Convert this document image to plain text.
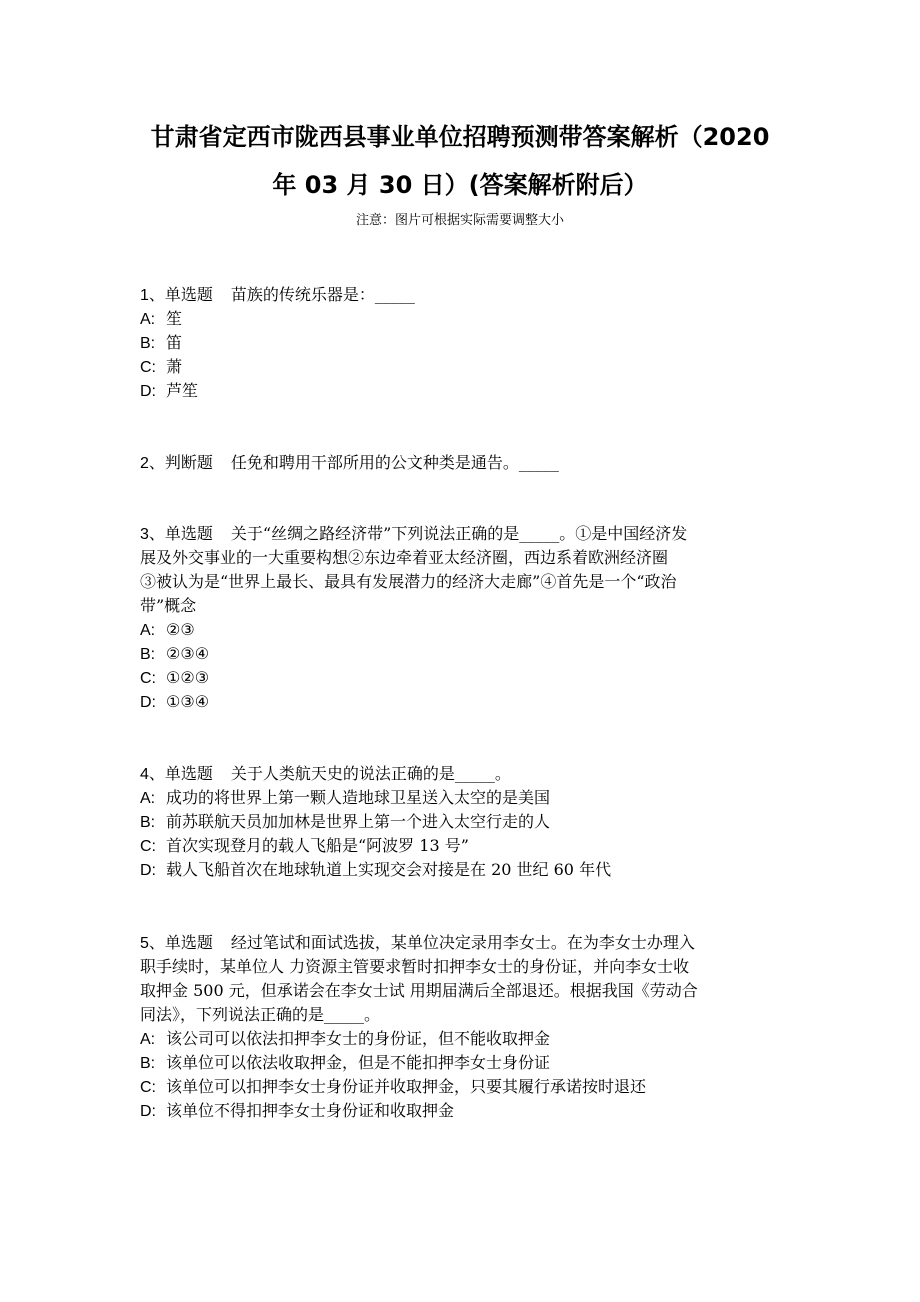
甘肃省定西市陇西县事业单位招聘预测带答案解析（2020
年 03 月 30 日）(答案解析附后）
注意：图片可根据实际需要调整大小
1、单选题 苗族的传统乐器是：_____
A: 笙
B: 笛
C: 萧
D: 芦笙
2、判断题 任免和聘用干部所用的公文种类是通告。_____
3、单选题 关于“丝绸之路经济带”下列说法正确的是_____。①是中国经济发
展及外交事业的一大重要构想②东边牵着亚太经济圈，西边系着欧洲经济圈
③被认为是“世界上最长、最具有发展潜力的经济大走廊”④首先是一个“政治
带”概念
A: ②③
B: ②③④
C: ①②③
D: ①③④
4、单选题 关于人类航天史的说法正确的是_____。
A: 成功的将世界上第一颗人造地球卫星送入太空的是美国
B: 前苏联航天员加加林是世界上第一个进入太空行走的人
C: 首次实现登月的载人飞船是“阿波罗 13 号”
D: 载人飞船首次在地球轨道上实现交会对接是在 20 世纪 60 年代
5、单选题 经过笔试和面试选拔，某单位决定录用李女士。在为李女士办理入
职手续时，某单位人 力资源主管要求暂时扣押李女士的身份证，并向李女士收
取押金 500 元，但承诺会在李女士试 用期届满后全部退还。根据我国《劳动合
同法》，下列说法正确的是_____。
A: 该公司可以依法扣押李女士的身份证，但不能收取押金
B: 该单位可以依法收取押金，但是不能扣押李女士身份证
C: 该单位可以扣押李女士身份证并收取押金，只要其履行承诺按时退还
D: 该单位不得扣押李女士身份证和收取押金
